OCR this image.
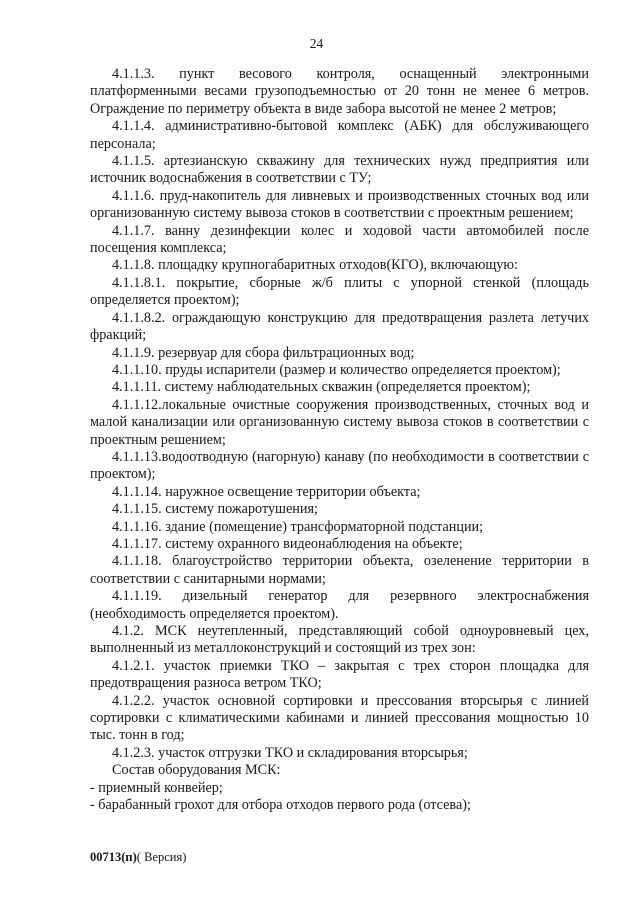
24

4.1.1.3. пункт весового контроля, оснащенный электронными платформенными весами грузоподъемностью от 20 тонн не менее 6 метров. Ограждение по периметру объекта в виде забора высотой не менее 2 метров;

4.1.1.4. административно-бытовой комплекс (АБК) для обслуживающего персонала;

4.1.1.5. артезианскую скважину для технических нужд предприятия или источник водоснабжения в соответствии с ТУ;

4.1.1.6. пруд-накопитель для ливневых и производственных сточных вод или организованную систему вывоза стоков в соответствии с проектным решением;

4.1.1.7. ванну дезинфекции колес и ходовой части автомобилей после посещения комплекса;

4.1.1.8. площадку крупногабаритных отходов(КГО), включающую:

4.1.1.8.1. покрытие, сборные ж/б плиты с упорной стенкой (площадь определяется проектом);

4.1.1.8.2. ограждающую конструкцию для предотвращения разлета летучих фракций;

4.1.1.9. резервуар для сбора фильтрационных вод;

4.1.1.10. пруды испарители (размер и количество определяется проектом);

4.1.1.11. систему наблюдательных скважин (определяется проектом);

4.1.1.12.локальные очистные сооружения производственных, сточных вод и малой канализации или организованную систему вывоза стоков в соответствии с проектным решением;

4.1.1.13.водоотводную (нагорную) канаву (по необходимости в соответствии с проектом);

4.1.1.14. наружное освещение территории объекта;

4.1.1.15. систему пожаротушения;

4.1.1.16. здание (помещение) трансформаторной подстанции;

4.1.1.17. систему охранного видеонаблюдения на объекте;

4.1.1.18. благоустройство территории объекта, озеленение территории в соответствии с санитарными нормами;

4.1.1.19. дизельный генератор для резервного электроснабжения (необходимость определяется проектом).

4.1.2. МСК неутепленный, представляющий собой одноуровневый цех, выполненный из металлоконструкций и состоящий из трех зон:

4.1.2.1. участок приемки ТКО – закрытая с трех сторон площадка для предотвращения разноса ветром ТКО;

4.1.2.2. участок основной сортировки и прессования вторсырья с линией сортировки с климатическими кабинами и линией прессования мощностью 10 тыс. тонн в год;

4.1.2.3. участок отгрузки ТКО и складирования вторсырья;

Состав оборудования МСК:

- приемный конвейер;

- барабанный грохот для отбора отходов первого рода (отсева);

00713(п)( Версия)
